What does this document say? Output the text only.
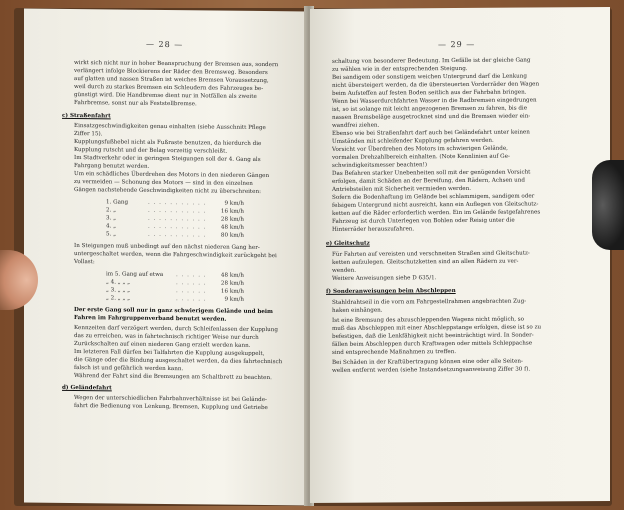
— 28 —
wirkt sich nicht nur in hoher Beanspruchung der Bremsen aus, sondern
verlängert infolge Blockierens der Räder den Bremsweg. Besonders
auf glatten und nassen Straßen ist weiches Bremsen Voraussetzung,
weil durch zu starkes Bremsen ein Schleudern des Fahrzeuges be-
günstigt wird. Die Handbremse dient nur in Notfällen als zweite
Fahrbremse, sonst nur als Feststellbremse.
c) Straßenfahrt
Einsatzgeschwindigkeiten genau einhalten (siehe Ausschnitt Pflege
Ziffer 15).
Kupplungsfußhebel nicht als Fußraste benutzen, da hierdurch die
Kupplung rutscht und der Belag vorzeitig verschleißt.
Im Stadtverkehr oder in geringen Steigungen soll der 4. Gang als
Fahrgang benutzt werden.
Um ein schädliches Überdrehen des Motors in den niederen Gängen
zu vermeiden — Schonung des Motors — sind in den einzelnen
Gängen nachstehende Geschwindigkeiten nicht zu überschreiten:
1. Gang	. . . . . . . . . . .	9 km/h
2. „	. . . . . . . . . . .	16 km/h
3. „	. . . . . . . . . . .	28 km/h
4. „	. . . . . . . . . . .	48 km/h
5. „	. . . . . . . . . . .	80 km/h
In Steigungen muß unbedingt auf den nächst niederen Gang her-
untergeschaltet werden, wenn die Fahrgeschwindigkeit zurückgeht bei
Vollast:
im 5. Gang auf etwa	. . . . . .	48 km/h
„ 4. „ „ „	. . . . . .	28 km/h
„ 3. „ „ „	. . . . . .	16 km/h
„ 2. „ „ „	. . . . . .	9 km/h
Der erste Gang soll nur in ganz schwierigem Gelände und beim
Fahren im Fahrgruppenverband benutzt werden.
Kennzeiten darf verzögert werden, durch Schleifenlassen der Kupplung
das zu erreichen, was in fahrtechnisch richtiger Weise nur durch
Zurückschalten auf einen niederen Gang erzielt werden kann.
Im letzteren Fall dürfen bei Talfahrten die Kupplung ausgekuppelt,
die Gänge oder die Bindung ausgeschaltet werden, da dies fahrtechnisch
falsch ist und gefährlich werden kann.
Während der Fahrt sind die Bremsungen am Schaltbrett zu beachten.
d) Geländefahrt
Wegen der unterschiedlichen Fahrbahnverhältnisse ist bei Gelände-
fahrt die Bedienung von Lenkung, Bremsen, Kupplung und Getriebe
— 29 —
schaltung von besonderer Bedeutung. Im Gefälle ist der gleiche Gang
zu wählen wie in der entsprechenden Steigung.
Bei sandigem oder sonstigem weichen Untergrund darf die Lenkung
nicht übersteigert werden, da die übersteuerten Vorderräder den Wagen
beim Aufsteffen auf festen Boden seitlich aus der Fahrbahn bringen.
Wenn bei Wasserdurchfahrten Wasser in die Radbremsen eingedrungen
ist, so ist solange mit leicht angezogenen Bremsen zu fahren, bis die
nassen Bremsbeläge ausgetrocknet sind und die Bremsen wieder ein-
wandfrei ziehen.
Ebenso wie bei Straßenfahrt darf auch bei Geländefahrt unter keinen
Umständen mit schleifender Kupplung gefahren werden.
Vorsicht vor Überdrehen des Motors im schwierigen Gelände,
vormalen Drehzahlbereich einhalten. (Note Kennlinien auf Ge-
schwindigkeitsmesser beachten!)
Das Befahren starker Unebenheiten soll mit der genügenden Vorsicht
erfolgen, damit Schäden an der Bereifung, den Rädern, Achsen und
Antriebsteilen mit Sicherheit vermieden werden.
Sofern die Bodenhaftung im Gelände bei schlammigem, sandigem oder
felsigem Untergrund nicht ausreicht, kann ein Auflegen von Gleitschutz-
ketten auf die Räder erforderlich werden. Ein im Gelände festgefahrenes
Fahrzeug ist durch Unterlegen von Bohlen oder Reisig unter die
Hinterräder herauszufahren.
e) Gleitschutz
Für Fahrten auf vereisten und verschneiten Straßen sind Gleitschutz-
ketten aufzulegen. Gleitschutzketten sind an allen Rädern zu ver-
wenden.
Weitere Anweisungen siehe D 635/1.
f) Sonderanweisungen beim Abschleppen
Stahldrahtseil in die vorn am Fahrgestellrahmen angebrachten Zug-
haken einhängen.
Ist eine Bremsung des abzuschleppenden Wagens nicht möglich, so
muß das Abschleppen mit einer Abschleppstange erfolgen, diese ist so zu
befestigen, daß die Lenkfähigkeit nicht beeinträchtigt wird. In Sonder-
fällen beim Abschleppen durch Kraftwagen oder mittels Schleppachse
sind entsprechende Maßnahmen zu treffen.
Bei Schäden in der Kraftübertragung können eine oder alle Seiten-
wellen entfernt werden (siehe Instandsetzungsanweisung Ziffer 30 f).
